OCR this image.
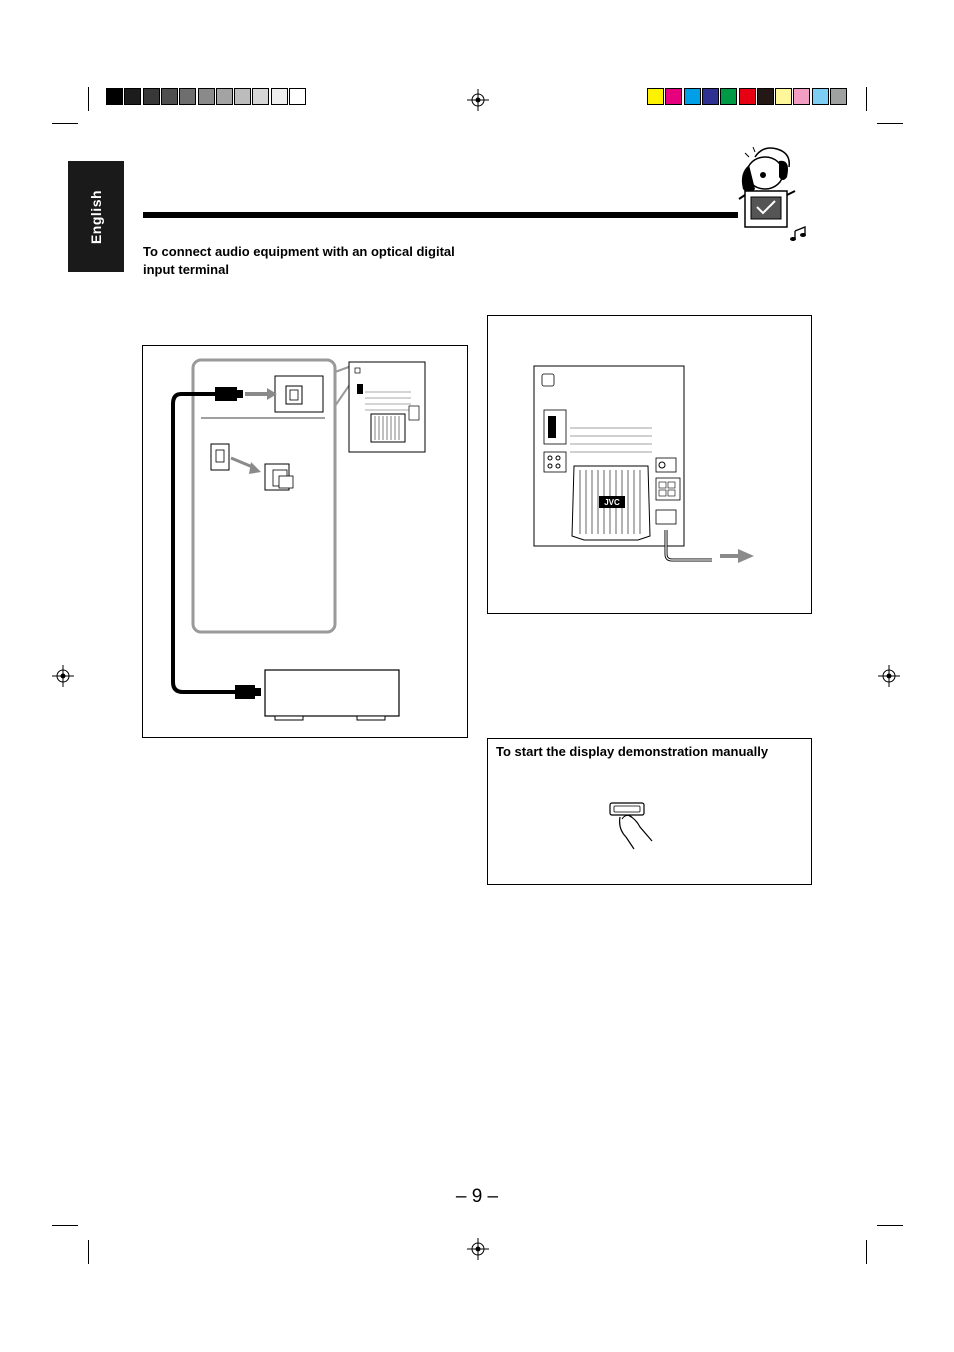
English
To connect audio equipment with an optical digital input terminal
JVC
To start the display demonstration manually
– 9 –
